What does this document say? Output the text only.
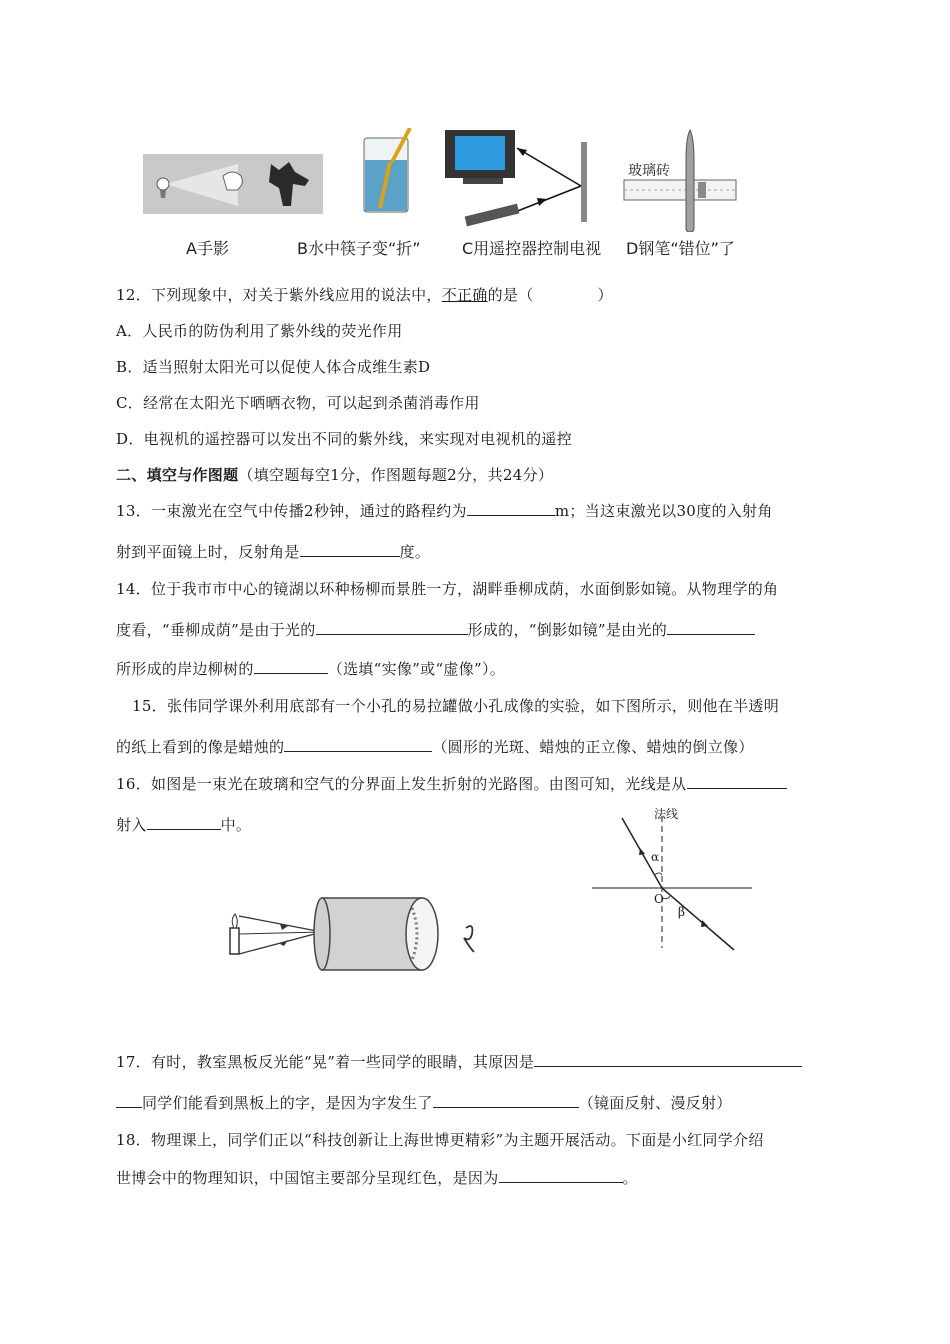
玻璃砖
A手影	B水中筷子变“折”	C用遥控器控制电视 D钢笔“错位”了
12．下列现象中，对关于紫外线应用的说法中，不正确的是（	）
A．人民币的防伪利用了紫外线的荧光作用
B．适当照射太阳光可以促使人体合成维生素D
C．经常在太阳光下晒晒衣物，可以起到杀菌消毒作用
D．电视机的遥控器可以发出不同的紫外线，来实现对电视机的遥控
二、填空与作图题（填空题每空1分，作图题每题2分，共24分）
13．一束激光在空气中传播2秒钟，通过的路程约为	m；当这束激光以30度的入射角
射到平面镜上时，反射角是	度。
14．位于我市市中心的镜湖以环种杨柳而景胜一方，湖畔垂柳成荫，水面倒影如镜。从物理学的角
度看，“垂柳成荫”是由于光的	形成的，“倒影如镜”是由光的
所形成的岸边柳树的	（选填“实像”或“虚像”）。
15．张伟同学课外利用底部有一个小孔的易拉罐做小孔成像的实验，如下图所示，则他在半透明
的纸上看到的像是蜡烛的	（圆形的光斑、蜡烛的正立像、蜡烛的倒立像）
16．如图是一束光在玻璃和空气的分界面上发生折射的光路图。由图可知，光线是从
射入	中。
法线
α
O
β
17．有时，教室黑板反光能“晃”着一些同学的眼睛，其原因是
同学们能看到黑板上的字，是因为字发生了	（镜面反射、漫反射）
18．物理课上，同学们正以“科技创新让上海世博更精彩”为主题开展活动。下面是小红同学介绍
世博会中的物理知识，中国馆主要部分呈现红色，是因为	。
